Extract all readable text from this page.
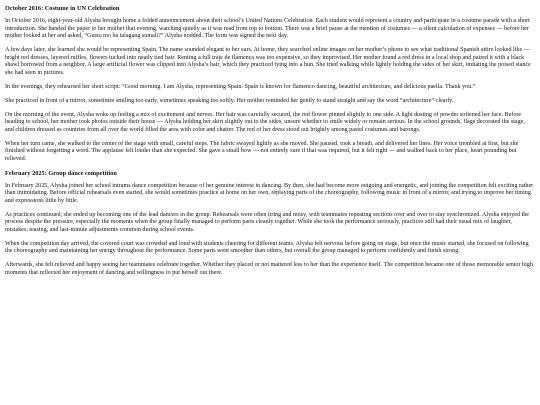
October 2016: Costume in UN Celebration

In October 2016, eight-year-old Alysha brought home a folded announcement about their school’s United Nations Celebration. Each student would represent a country and participate in a costume parade with a short introduction. She handed the paper to her mother that evening, watching quietly as it was read from top to bottom. There was a brief pause at the mention of costumes — a silent calculation of expenses — before her mother looked at her and asked, “Gusto mo ba talagang sumali?” Alysha nodded. The form was signed the next day.

A few days later, she learned she would be representing Spain. The name sounded elegant to her ears. At home, they searched online images on her mother’s phone to see what traditional Spanish attire looked like — bright red dresses, layered ruffles, flowers tucked into neatly tied hair. Renting a full traje de flamenca was too expensive, so they improvised. Her mother found a red dress in a local shop and paired it with a black shawl borrowed from a neighbor. A large artificial flower was clipped into Alysha’s hair, which they practiced tying into a bun. She tried walking while lightly holding the sides of her skirt, imitating the poised stance she had seen in pictures.

In the evenings, they rehearsed her short script: “Good morning. I am Alysha, representing Spain. Spain is known for flamenco dancing, beautiful architecture, and delicious paella. Thank you.”

She practiced in front of a mirror, sometimes smiling too early, sometimes speaking too softly. Her mother reminded her gently to stand straight and say the word “architecture” clearly.

On the morning of the event, Alysha woke up feeling a mix of excitement and nerves. Her hair was carefully secured, the red flower pinned slightly to one side. A light dusting of powder softened her face. Before heading to school, her mother took photos outside their house — Alysha holding her skirt slightly out to the sides, unsure whether to smile widely or remain serious. In the school grounds, flags decorated the stage, and children dressed as countries from all over the world filled the area with color and chatter. The red of her dress stood out brightly among pastel costumes and barongs.

When her turn came, she walked to the center of the stage with small, careful steps. The fabric swayed lightly as she moved. She paused, took a breath, and delivered her lines. Her voice trembled at first, but she finished without forgetting a word. The applause felt louder than she expected. She gave a small bow — not entirely sure if that was required, but it felt right — and walked back to her place, heart pounding but relieved.

February 2025: Group dance competition

In February 2025, Alysha joined her school intrams dance competition because of her genuine interest in dancing. By then, she had become more outgoing and energetic, and joining the competition felt exciting rather than intimidating. Before official rehearsals even started, she would sometimes practice at home on her own, replaying parts of the choreography, following music in front of a mirror, and trying to improve her timing and expressions little by little.

As practices continued, she ended up becoming one of the lead dancers in the group. Rehearsals were often tiring and noisy, with teammates repeating sections over and over to stay synchronized. Alysha enjoyed the process despite the pressure, especially the moments when the group finally managed to perform parts cleanly together. While she took the performance seriously, practices still had their usual mix of laughter, mistakes, teasing, and last-minute adjustments common during school events.

When the competition day arrived, the covered court was crowded and loud with students cheering for different teams. Alysha felt nervous before going on stage, but once the music started, she focused on following the choreography and maintaining her energy throughout the performance. Some parts went smoother than others, but overall the group managed to perform confidently and finish strong.

Afterwards, she felt relieved and happy seeing her teammates celebrate together. Whether they placed or not mattered less to her than the experience itself. The competition became one of those memorable senior high moments that reflected her enjoyment of dancing and willingness to put herself out there.
